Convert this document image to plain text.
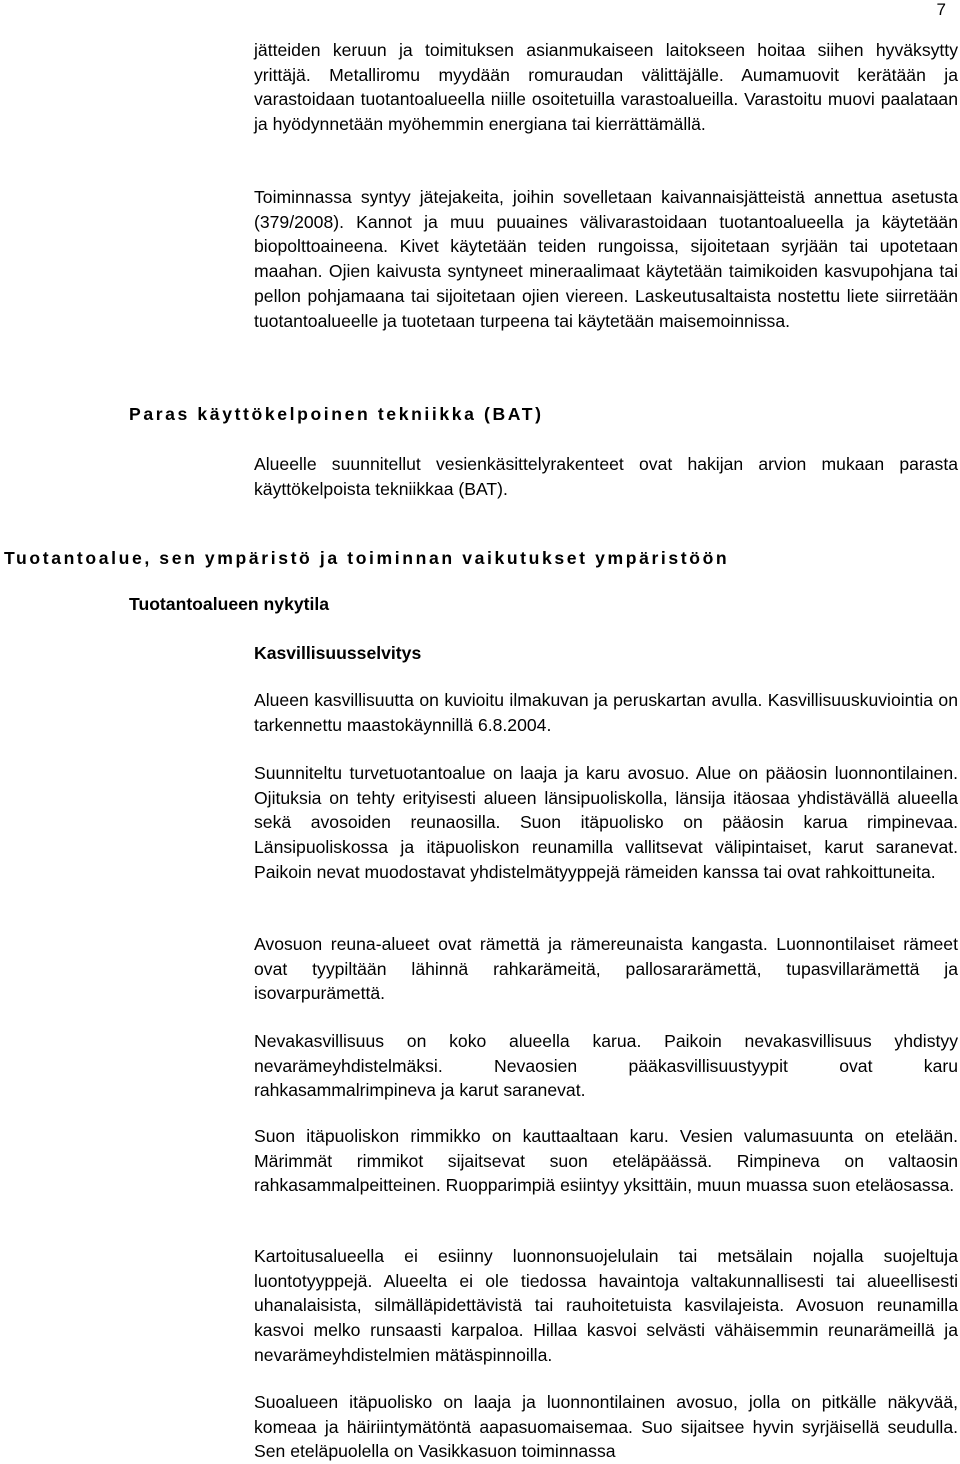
7

jätteiden keruun ja toimituksen asianmukaiseen laitokseen hoitaa siihen hyväksytty yrittäjä. Metalliromu myydään romuraudan välittäjälle. Aumamuovit kerätään ja varastoidaan tuotantoalueella niille osoitetuilla varastoalueilla. Varastoitu muovi paalataan ja hyödynnetään myöhemmin energiana tai kierrättämällä.

Toiminnassa syntyy jätejakeita, joihin sovelletaan kaivannaisjätteistä annettua asetusta (379/2008). Kannot ja muu puuaines välivarastoidaan tuotantoalueella ja käytetään biopolttoaineena. Kivet käytetään teiden rungoissa, sijoitetaan syrjään tai upotetaan maahan. Ojien kaivusta syntyneet mineraalimaat käytetään taimikoiden kasvupohjana tai pellon pohjamaana tai sijoitetaan ojien viereen. Laskeutusaltaista nostettu liete siirretään tuotantoalueelle ja tuotetaan turpeena tai käytetään maisemoinnissa.

Paras käyttökelpoinen tekniikka (BAT)

Alueelle suunnitellut vesienkäsittelyrakenteet ovat hakijan arvion mukaan parasta käyttökelpoista tekniikkaa (BAT).

Tuotantoalue, sen ympäristö ja toiminnan vaikutukset ympäristöön
Tuotantoalueen nykytila
Kasvillisuusselvitys

Alueen kasvillisuutta on kuvioitu ilmakuvan ja peruskartan avulla. Kasvillisuuskuviointia on tarkennettu maastokäynnillä 6.8.2004.

Suunniteltu turvetuotantoalue on laaja ja karu avosuo. Alue on pääosin luonnontilainen. Ojituksia on tehty erityisesti alueen länsipuoliskolla, länsija itäosaa yhdistävällä alueella sekä avosoiden reunaosilla. Suon itäpuolisko on pääosin karua rimpinevaa. Länsipuoliskossa ja itäpuoliskon reunamilla vallitsevat välipintaiset, karut saranevat. Paikoin nevat muodostavat yhdistelmätyyppejä rämeiden kanssa tai ovat rahkoittuneita.

Avosuon reuna-alueet ovat rämettä ja rämereunaista kangasta. Luonnontilaiset rämeet ovat tyypiltään lähinnä rahkarämeitä, pallosararämettä, tupasvillarämettä ja isovarpurämettä.

Nevakasvillisuus on koko alueella karua. Paikoin nevakasvillisuus yhdistyy nevarämeyhdistelmäksi. Nevaosien pääkasvillisuustyypit ovat karu rahkasammalrimpineva ja karut saranevat.

Suon itäpuoliskon rimmikko on kauttaaltaan karu. Vesien valumasuunta on etelään. Märimmät rimmikot sijaitsevat suon eteläpäässä. Rimpineva on valtaosin rahkasammalpeitteinen. Ruopparimpiä esiintyy yksittäin, muun muassa suon eteläosassa.

Kartoitusalueella ei esiinny luonnonsuojelulain tai metsälain nojalla suojeltuja luontotyyppejä. Alueelta ei ole tiedossa havaintoja valtakunnallisesti tai alueellisesti uhanalaisista, silmälläpidettävistä tai rauhoitetuista kasvilajeista. Avosuon reunamilla kasvoi melko runsaasti karpaloa. Hillaa kasvoi selvästi vähäisemmin reunarämeillä ja nevarämeyhdistelmien mätäspinnoilla.

Suoalueen itäpuolisko on laaja ja luonnontilainen avosuo, jolla on pitkälle näkyvää, komeaa ja häiriintymätöntä aapasuomaisemaa. Suo sijaitsee hyvin syrjäisellä seudulla. Sen eteläpuolella on Vasikkasuon toiminnassa
